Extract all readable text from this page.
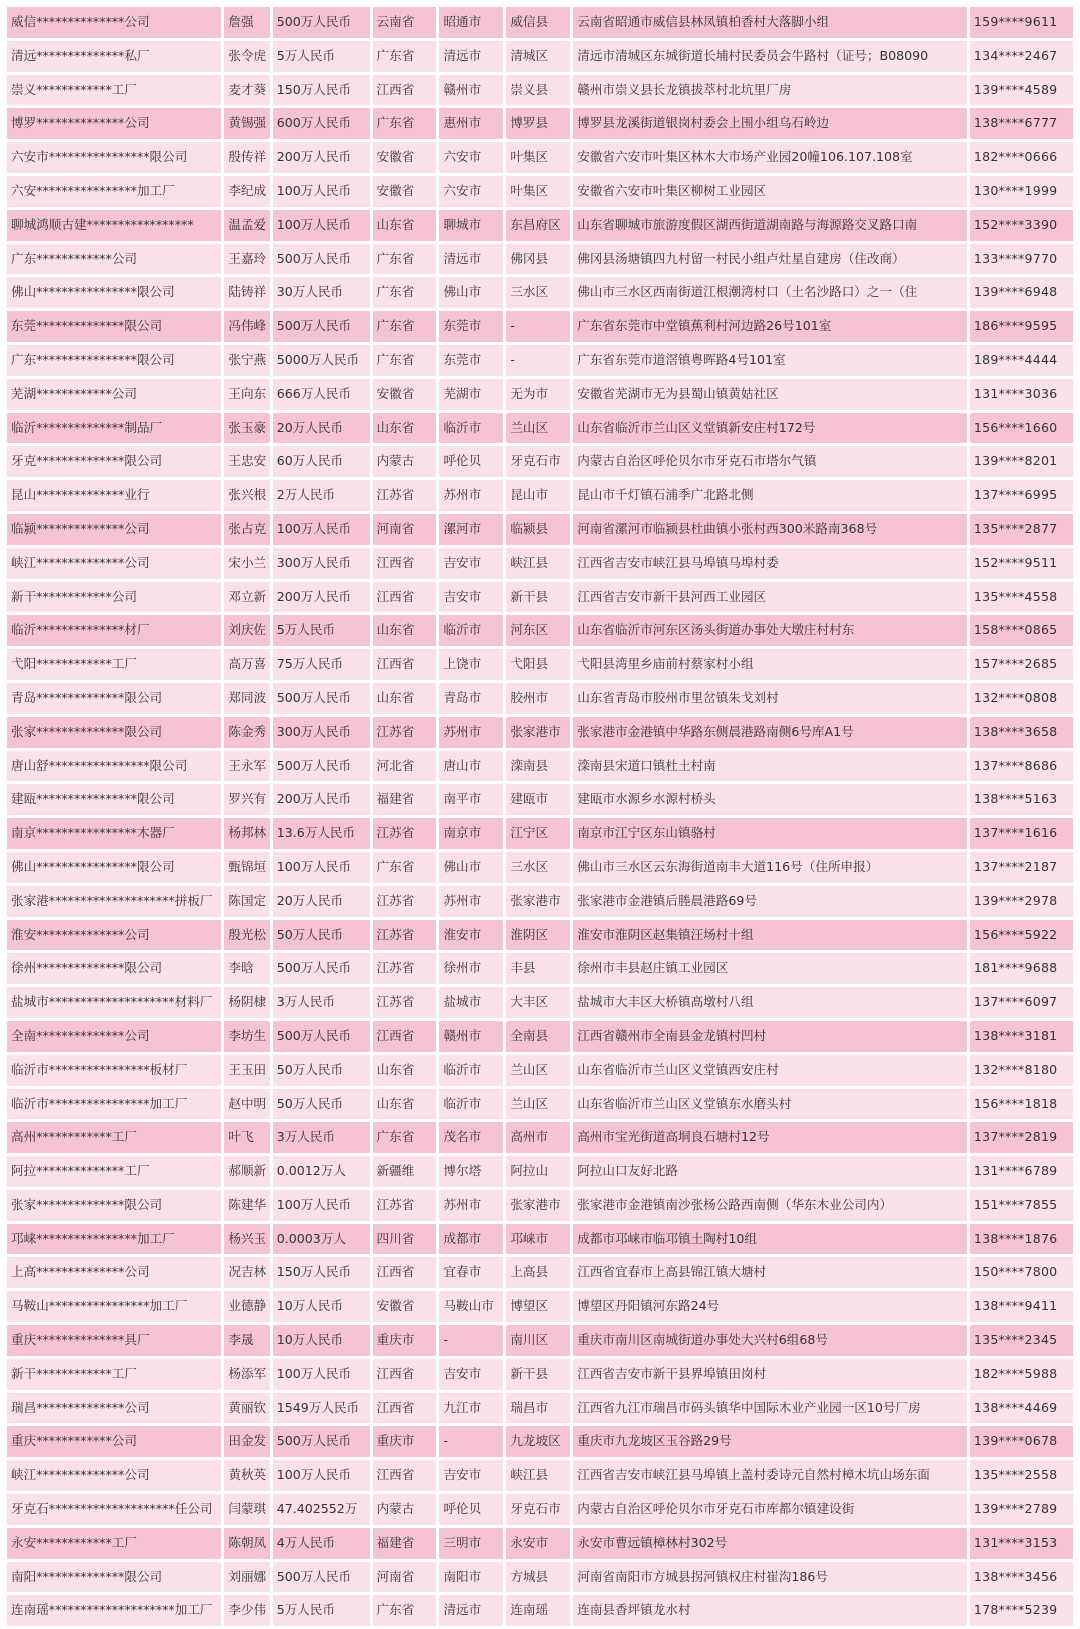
威信**************公司	詹强	500万人民币	云南省	昭通市	威信县	云南省昭通市威信县林凤镇柏香村大落脚小组	159****9611
清远**************私厂	张令虎	5万人民币	广东省	清远市	清城区	清远市清城区东城街道长埔村民委员会牛路村（证号；B08090	134****2467
崇义************工厂	麦才葵	150万人民币	江西省	赣州市	崇义县	赣州市崇义县长龙镇拔萃村北坑里厂房	139****4589
博罗**************公司	黄锡强	600万人民币	广东省	惠州市	博罗县	博罗县龙溪街道银岗村委会上围小组乌石岭边	138****6777
六安市****************限公司	殷传祥	200万人民币	安徽省	六安市	叶集区	安徽省六安市叶集区林木大市场产业园20幢106.107.108室	182****0666
六安****************加工厂	李纪成	100万人民币	安徽省	六安市	叶集区	安徽省六安市叶集区柳树工业园区	130****1999
聊城鸿顺古建*****************	温孟爱	100万人民币	山东省	聊城市	东昌府区	山东省聊城市旅游度假区湖西街道湖南路与海源路交叉路口南	152****3390
广东************公司	王嘉玲	500万人民币	广东省	清远市	佛冈县	佛冈县汤塘镇四九村留一村民小组卢灶星自建房（住改商）	133****9770
佛山****************限公司	陆铸祥	30万人民币	广东省	佛山市	三水区	佛山市三水区西南街道江根潮湾村口（土名沙路口）之一（住	139****6948
东莞**************限公司	冯伟峰	500万人民币	广东省	东莞市	-	广东省东莞市中堂镇蕉利村河边路26号101室	186****9595
广东****************限公司	张宁燕	5000万人民币	广东省	东莞市	-	广东省东莞市道滘镇粤晖路4号101室	189****4444
芜湖************公司	王向东	666万人民币	安徽省	芜湖市	无为市	安徽省芜湖市无为县蜀山镇黄姑社区	131****3036
临沂**************制品厂	张玉豪	20万人民币	山东省	临沂市	兰山区	山东省临沂市兰山区义堂镇新安庄村172号	156****1660
牙克**************限公司	王忠安	60万人民币	内蒙古	呼伦贝	牙克石市	内蒙古自治区呼伦贝尔市牙克石市塔尔气镇	139****8201
昆山**************业行	张兴根	2万人民币	江苏省	苏州市	昆山市	昆山市千灯镇石浦季广北路北侧	137****6995
临颍**************公司	张占克	100万人民币	河南省	漯河市	临颍县	河南省漯河市临颍县杜曲镇小张村西300米路南368号	135****2877
峡江**************公司	宋小兰	300万人民币	江西省	吉安市	峡江县	江西省吉安市峡江县马埠镇马埠村委	152****9511
新干************公司	邓立新	200万人民币	江西省	吉安市	新干县	江西省吉安市新干县河西工业园区	135****4558
临沂**************材厂	刘庆佐	5万人民币	山东省	临沂市	河东区	山东省临沂市河东区汤头街道办事处大墩庄村村东	158****0865
弋阳************工厂	高万喜	75万人民币	江西省	上饶市	弋阳县	弋阳县湾里乡庙前村蔡家村小组	157****2685
青岛**************限公司	郑同波	500万人民币	山东省	青岛市	胶州市	山东省青岛市胶州市里岔镇朱戈刘村	132****0808
张家**************限公司	陈金秀	300万人民币	江苏省	苏州市	张家港市	张家港市金港镇中华路东侧晨港路南侧6号库A1号	138****3658
唐山舒****************限公司	王永军	500万人民币	河北省	唐山市	滦南县	滦南县宋道口镇杜土村南	137****8686
建瓯****************限公司	罗兴有	200万人民币	福建省	南平市	建瓯市	建瓯市水源乡水源村桥头	138****5163
南京****************木器厂	杨邦林	13.6万人民币	江苏省	南京市	江宁区	南京市江宁区东山镇骆村	137****1616
佛山****************限公司	甄锦垣	100万人民币	广东省	佛山市	三水区	佛山市三水区云东海街道南丰大道116号（住所申报）	137****2187
张家港********************拼板厂	陈国定	20万人民币	江苏省	苏州市	张家港市	张家港市金港镇后塍晨港路69号	139****2978
淮安**************公司	殷光松	50万人民币	江苏省	淮安市	淮阴区	淮安市淮阴区赵集镇汪场村十组	156****5922
徐州**************限公司	李晗	500万人民币	江苏省	徐州市	丰县	徐州市丰县赵庄镇工业园区	181****9688
盐城市********************材料厂	杨阴棣	3万人民币	江苏省	盐城市	大丰区	盐城市大丰区大桥镇高墩村八组	137****6097
全南**************公司	李坊生	500万人民币	江西省	赣州市	全南县	江西省赣州市全南县金龙镇村凹村	138****3181
临沂市****************板材厂	王玉田	50万人民币	山东省	临沂市	兰山区	山东省临沂市兰山区义堂镇西安庄村	132****8180
临沂市****************加工厂	赵中明	50万人民币	山东省	临沂市	兰山区	山东省临沂市兰山区义堂镇东水磨头村	156****1818
高州************工厂	叶飞	3万人民币	广东省	茂名市	高州市	高州市宝光街道高垌良石塘村12号	137****2819
阿拉**************工厂	郝顺新	0.0012万人	新疆维	博尔塔	阿拉山	阿拉山口友好北路	131****6789
张家**************限公司	陈建华	100万人民币	江苏省	苏州市	张家港市	张家港市金港镇南沙张杨公路西南侧（华东木业公司内）	151****7855
邛崃****************加工厂	杨兴玉	0.0003万人	四川省	成都市	邛崃市	成都市邛崃市临邛镇土陶村10组	138****1876
上高**************公司	况吉林	150万人民币	江西省	宜春市	上高县	江西省宜春市上高县锦江镇大塘村	150****7800
马鞍山****************加工厂	业德静	10万人民币	安徽省	马鞍山市	博望区	博望区丹阳镇河东路24号	138****9411
重庆**************具厂	李晟	10万人民币	重庆市	-	南川区	重庆市南川区南城街道办事处大兴村6组68号	135****2345
新干************工厂	杨添军	100万人民币	江西省	吉安市	新干县	江西省吉安市新干县界埠镇田岗村	182****5988
瑞昌**************公司	黄丽钦	1549万人民币	江西省	九江市	瑞昌市	江西省九江市瑞昌市码头镇华中国际木业产业园一区10号厂房	138****4469
重庆************公司	田金发	500万人民币	重庆市	-	九龙坡区	重庆市九龙坡区玉谷路29号	139****0678
峡江**************公司	黄秋英	100万人民币	江西省	吉安市	峡江县	江西省吉安市峡江县马埠镇上盖村委诗元自然村樟木坑山场东面	135****2558
牙克石********************任公司	闫蒙琪	47.402552万	内蒙古	呼伦贝	牙克石市	内蒙古自治区呼伦贝尔市牙克石市库都尔镇建设街	139****2789
永安************工厂	陈朝凤	4万人民币	福建省	三明市	永安市	永安市曹远镇樟林村302号	131****3153
南阳**************限公司	刘丽娜	500万人民币	河南省	南阳市	方城县	河南省南阳市方城县拐河镇权庄村崔沟186号	138****3456
连南瑶********************加工厂	李少伟	5万人民币	广东省	清远市	连南瑶	连南县香坪镇龙水村	178****5239
